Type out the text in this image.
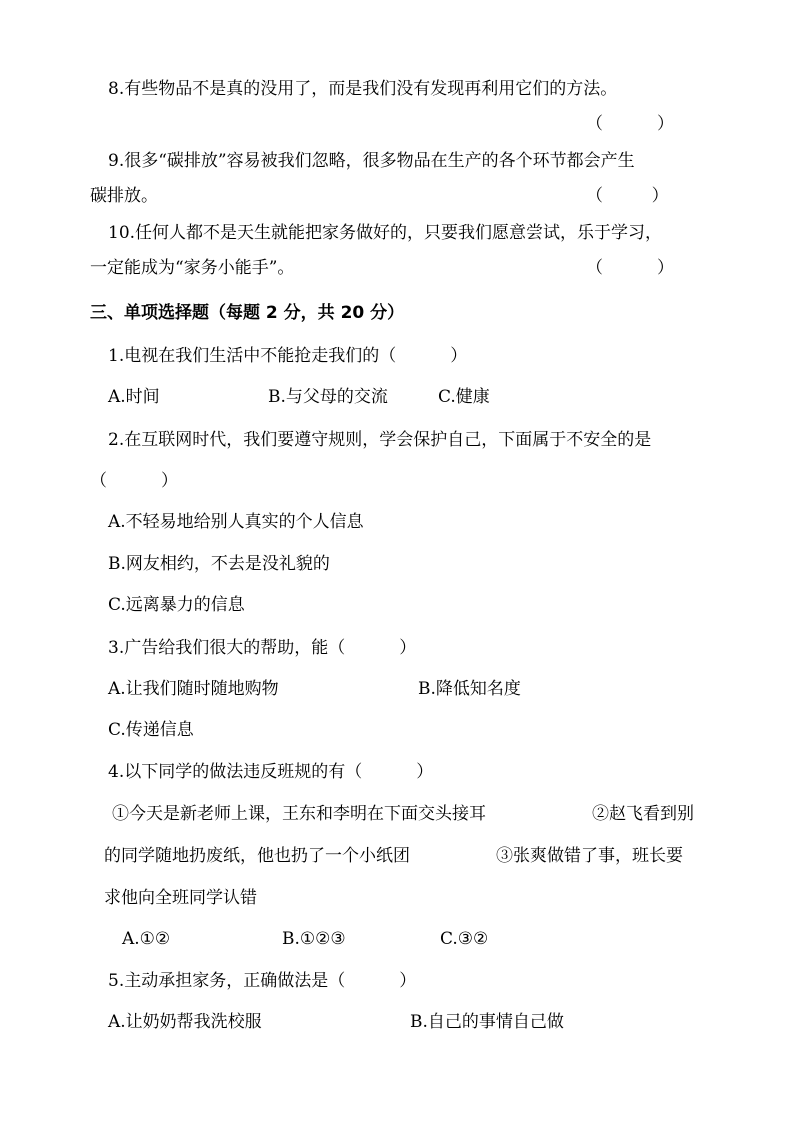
8.有些物品不是真的没用了，而是我们没有发现再利用它们的方法。
（          ）
9.很多“碳排放”容易被我们忽略，很多物品在生产的各个环节都会产生
碳排放。	（         ）
10.任何人都不是天生就能把家务做好的，只要我们愿意尝试，乐于学习，
一定能成为“家务小能手”。	（          ）
三、单项选择题（每题 2 分，共 20 分）
1.电视在我们生活中不能抢走我们的（          ）
A.时间	B.与父母的交流	C.健康
2.在互联网时代，我们要遵守规则，学会保护自己，下面属于不安全的是
（          ）
A.不轻易地给别人真实的个人信息
B.网友相约，不去是没礼貌的
C.远离暴力的信息
3.广告给我们很大的帮助，能（          ）
A.让我们随时随地购物	B.降低知名度
C.传递信息
4.以下同学的做法违反班规的有（          ）
①今天是新老师上课，王东和李明在下面交头接耳	②赵飞看到别
的同学随地扔废纸，他也扔了一个小纸团	③张爽做错了事，班长要
求他向全班同学认错
A.①②	B.①②③	C.③②
5.主动承担家务，正确做法是（          ）
A.让奶奶帮我洗校服	B.自己的事情自己做
